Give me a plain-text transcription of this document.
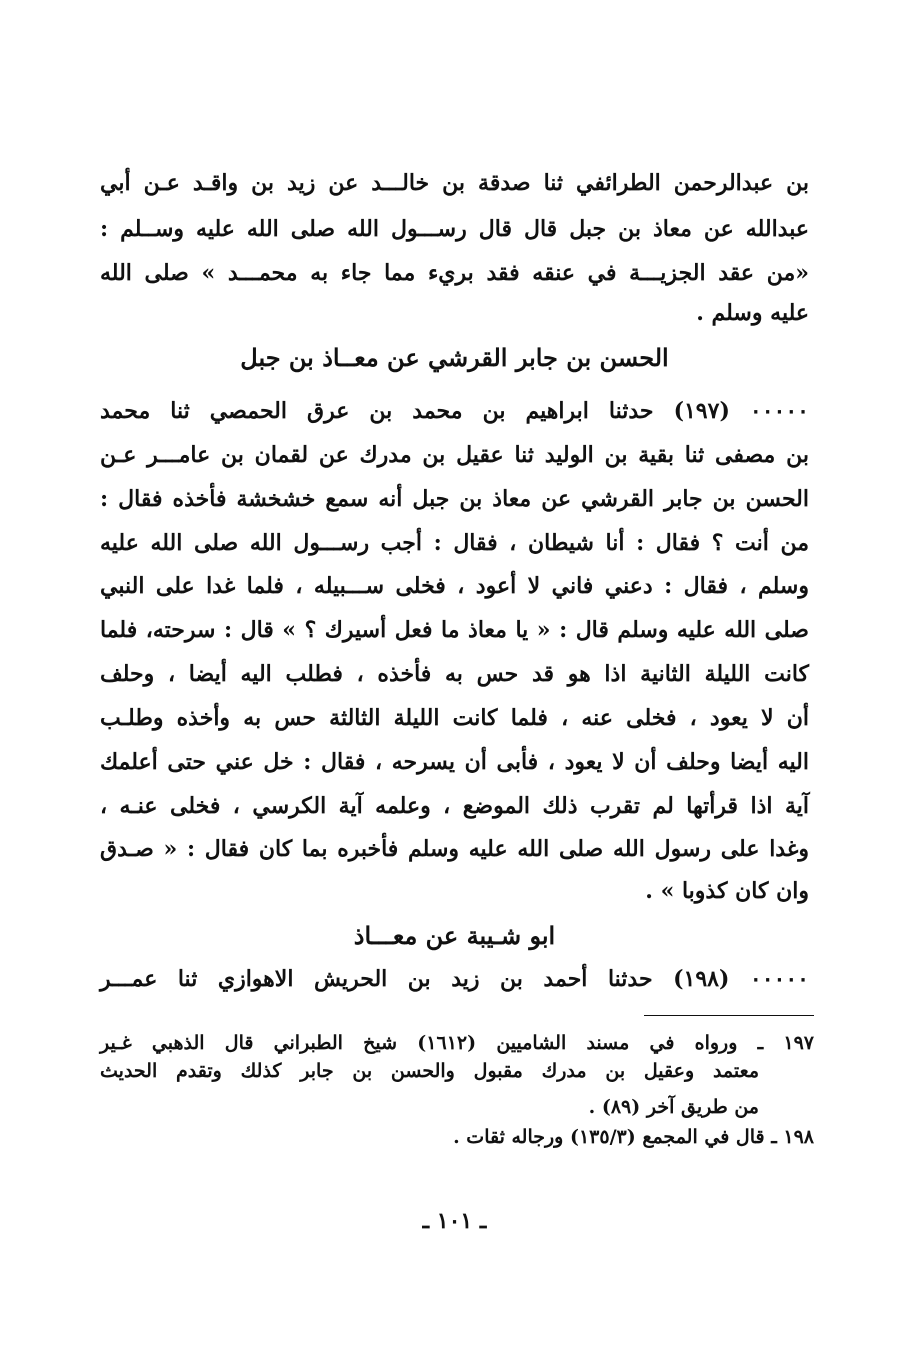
بن عبدالرحمن الطرائفي ثنا صدقة بن خالـــد عن زيد بن واقـد عـن أبي
عبدالله عن معاذ بن جبل قال قال رســـول الله صلى الله عليه وســلم :
«من عقد الجزيـــة في عنقه فقد بريء مما جاء به محمـــد » صلى الله
عليه وسلم .
الحسن بن جابر القرشي عن معــاذ بن جبل
٠٠٠٠٠ (١٩٧) حدثنا ابراهيم بن محمد بن عرق الحمصي ثنا محمد
بن مصفى ثنا بقية بن الوليد ثنا عقيل بن مدرك عن لقمان بن عامـــر عـن
الحسن بن جابر القرشي عن معاذ بن جبل أنه سمع خشخشة فأخذه فقال :
من أنت ؟ فقال : أنا شيطان ، فقال : أجب رســـول الله صلى الله عليه
وسلم ، فقال : دعني فاني لا أعود ، فخلى ســـبيله ، فلما غدا على النبي
صلى الله عليه وسلم قال : « يا معاذ ما فعل أسيرك ؟ » قال : سرحته، فلما
كانت الليلة الثانية اذا هو قد حس به فأخذه ، فطلب اليه أيضا ، وحلف
أن لا يعود ، فخلى عنه ، فلما كانت الليلة الثالثة حس به وأخذه وطلـب
اليه أيضا وحلف أن لا يعود ، فأبى أن يسرحه ، فقال : خل عني حتى أعلمك
آية اذا قرأتها لم تقرب ذلك الموضع ، وعلمه آية الكرسي ، فخلى عنـه ،
وغدا على رسول الله صلى الله عليه وسلم فأخبره بما كان فقال : « صـدق
وان كان كذوبا » .
ابو شـيبة عن معـــاذ
٠٠٠٠٠ (١٩٨) حدثنا أحمد بن زيد بن الحريش الاهوازي ثنا عمـــر
١٩٧ ـ ورواه في مسند الشاميين (١٦١٢) شيخ الطبراني قال الذهبي غـير
معتمد وعقيل بن مدرك مقبول والحسن بن جابر كذلك وتقدم الحديث
من طريق آخر (٨٩) .
١٩٨ ـ قال في المجمع (١٣٥/٣) ورجاله ثقات .
ـ ١٠١ ـ
